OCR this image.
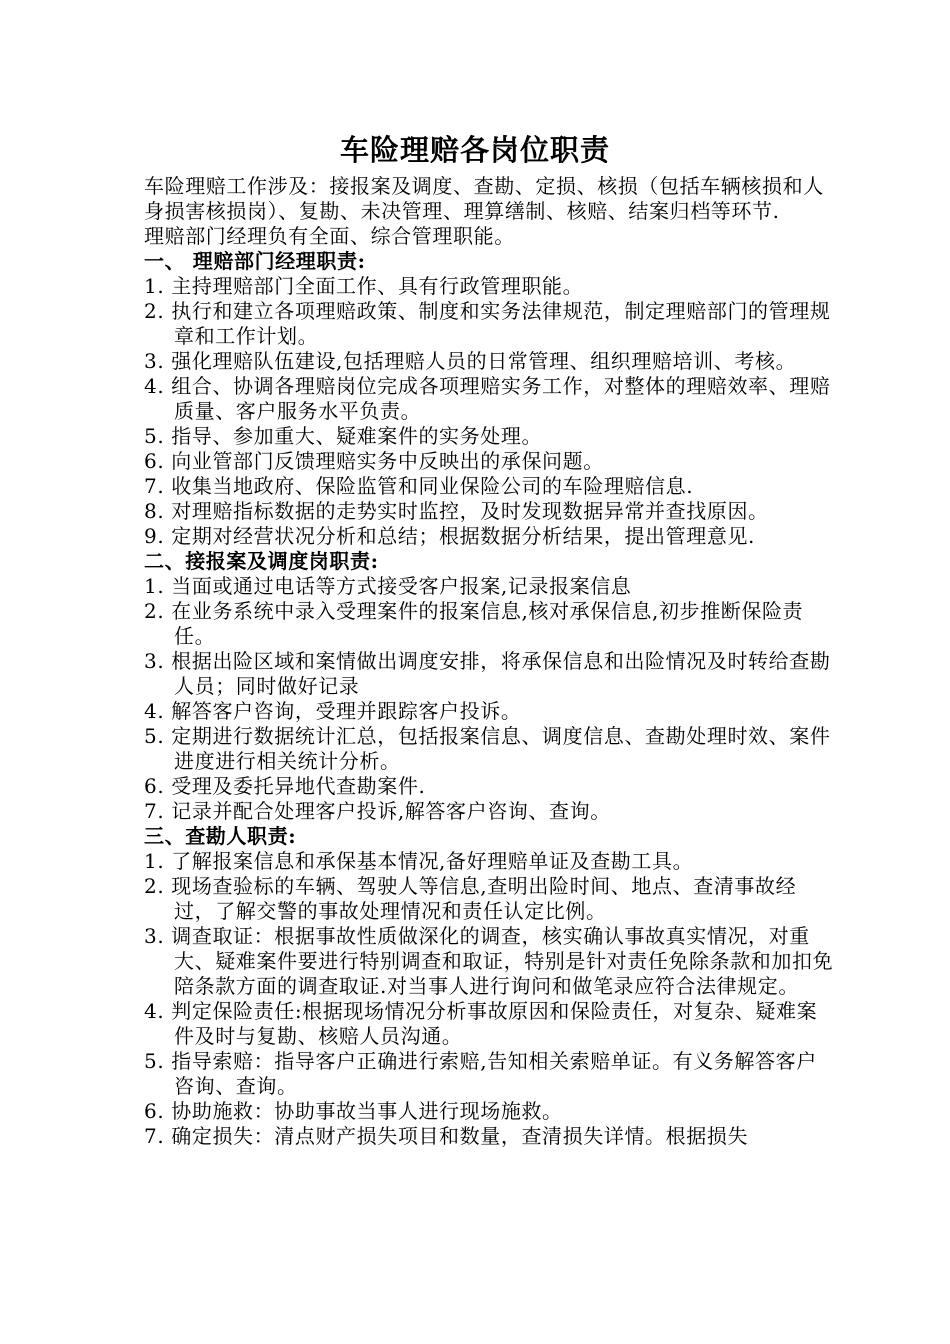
车险理赔各岗位职责

车险理赔工作涉及：接报案及调度、查勘、定损、核损（包括车辆核损和人身损害核损岗）、复勘、未决管理、理算缮制、核赔、结案归档等环节.

理赔部门经理负有全面、综合管理职能。

一、 理赔部门经理职责:

1. 主持理赔部门全面工作、具有行政管理职能。

2. 执行和建立各项理赔政策、制度和实务法律规范，制定理赔部门的管理规章和工作计划。

3. 强化理赔队伍建设,包括理赔人员的日常管理、组织理赔培训、考核。

4. 组合、协调各理赔岗位完成各项理赔实务工作，对整体的理赔效率、理赔质量、客户服务水平负责。

5. 指导、参加重大、疑难案件的实务处理。

6. 向业管部门反馈理赔实务中反映出的承保问题。

7. 收集当地政府、保险监管和同业保险公司的车险理赔信息.

8. 对理赔指标数据的走势实时监控，及时发现数据异常并查找原因。

9. 定期对经营状况分析和总结；根据数据分析结果，提出管理意见.

二、接报案及调度岗职责:

1. 当面或通过电话等方式接受客户报案,记录报案信息

2. 在业务系统中录入受理案件的报案信息,核对承保信息,初步推断保险责任。

3. 根据出险区域和案情做出调度安排，将承保信息和出险情况及时转给查勘人员；同时做好记录

4. 解答客户咨询，受理并跟踪客户投诉。

5. 定期进行数据统计汇总，包括报案信息、调度信息、查勘处理时效、案件进度进行相关统计分析。

6. 受理及委托异地代查勘案件.

7. 记录并配合处理客户投诉,解答客户咨询、查询。

三、查勘人职责:

1. 了解报案信息和承保基本情况,备好理赔单证及查勘工具。

2. 现场查验标的车辆、驾驶人等信息,查明出险时间、地点、查清事故经过，了解交警的事故处理情况和责任认定比例。

3. 调查取证：根据事故性质做深化的调查，核实确认事故真实情况，对重大、疑难案件要进行特别调查和取证，特别是针对责任免除条款和加扣免陪条款方面的调查取证.对当事人进行询问和做笔录应符合法律规定。

4. 判定保险责任:根据现场情况分析事故原因和保险责任，对复杂、疑难案件及时与复勘、核赔人员沟通。

5. 指导索赔：指导客户正确进行索赔,告知相关索赔单证。有义务解答客户咨询、查询。

6. 协助施救：协助事故当事人进行现场施救。

7. 确定损失：清点财产损失项目和数量，查清损失详情。根据损失
